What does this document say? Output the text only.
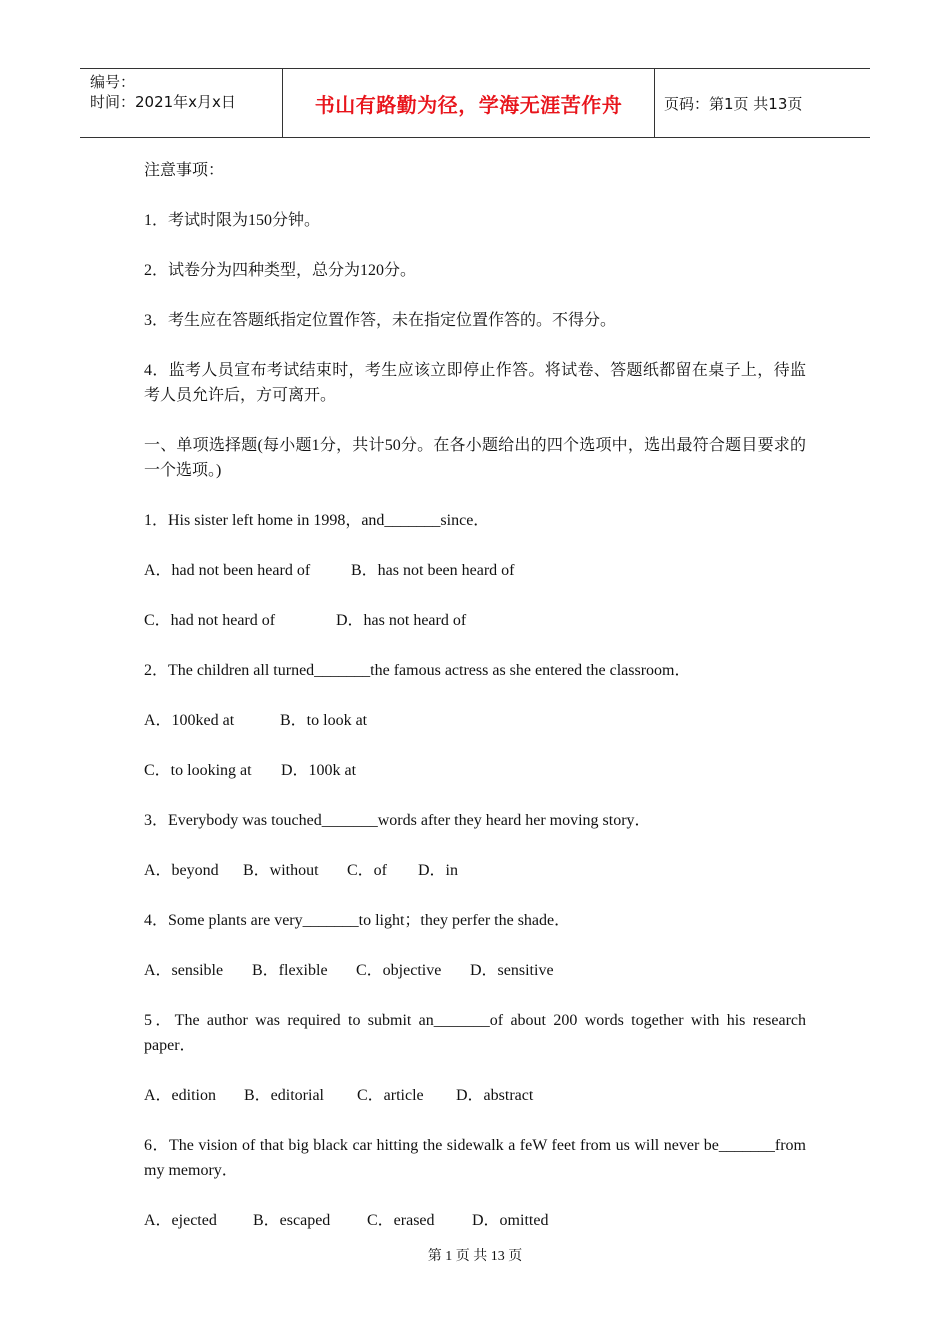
编号：
时间：2021年x月x日	书山有路勤为径，学海无涯苦作舟	页码：第1页 共13页
注意事项：
1．考试时限为150分钟。
2．试卷分为四种类型，总分为120分。
3．考生应在答题纸指定位置作答，未在指定位置作答的。不得分。
4．监考人员宣布考试结束时，考生应该立即停止作答。将试卷、答题纸都留在桌子上，待监考人员允许后，方可离开。
一、单项选择题(每小题1分，共计50分。在各小题给出的四个选项中，选出最符合题目要求的一个选项。)
1．His sister left home in 1998，and_______since．
A．had not been heard of	B．has not been heard of
C．had not heard of	D．has not heard of
2．The children all turned_______the famous actress as she entered the classroom．
A．100ked at	B．to look at
C．to looking at D．100k at
3．Everybody was touched_______words after they heard her moving story．
A．beyond B．without C．of D．in
4．Some plants are very_______to light；they perfer the shade．
A．sensible B．flexible C．objective D．sensitive
5．The author was required to submit an_______of about 200 words together with his research paper．
A．edition B．editorial C．article D．abstract
6．The vision of that big black car hitting the sidewalk a feW feet from us will never be_______from my memory．
A．ejected B．escaped C．erased D．omitted
第 1 页 共 13 页
